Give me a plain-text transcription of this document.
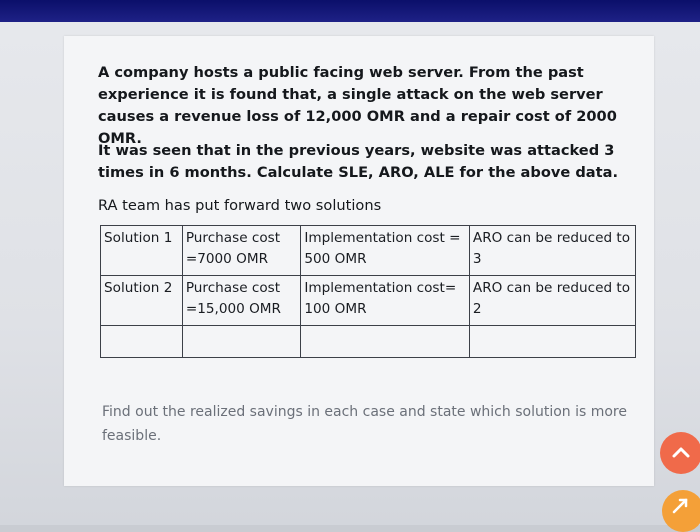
A company hosts a public facing web server. From the past experience it is found that, a single attack on the web server causes a revenue loss of 12,000 OMR and a repair cost of 2000 OMR.

It was seen that in the previous years, website was attacked 3 times in 6 months. Calculate SLE, ARO, ALE for the above data.

RA team has put forward two solutions

Solution 1	Purchase cost =7000 OMR	Implementation cost = 500 OMR	ARO can be reduced to 3
Solution 2	Purchase cost =15,000 OMR	Implementation cost= 100 OMR	ARO can be reduced to 2

Find out the realized savings in each case and state which solution is more feasible.
